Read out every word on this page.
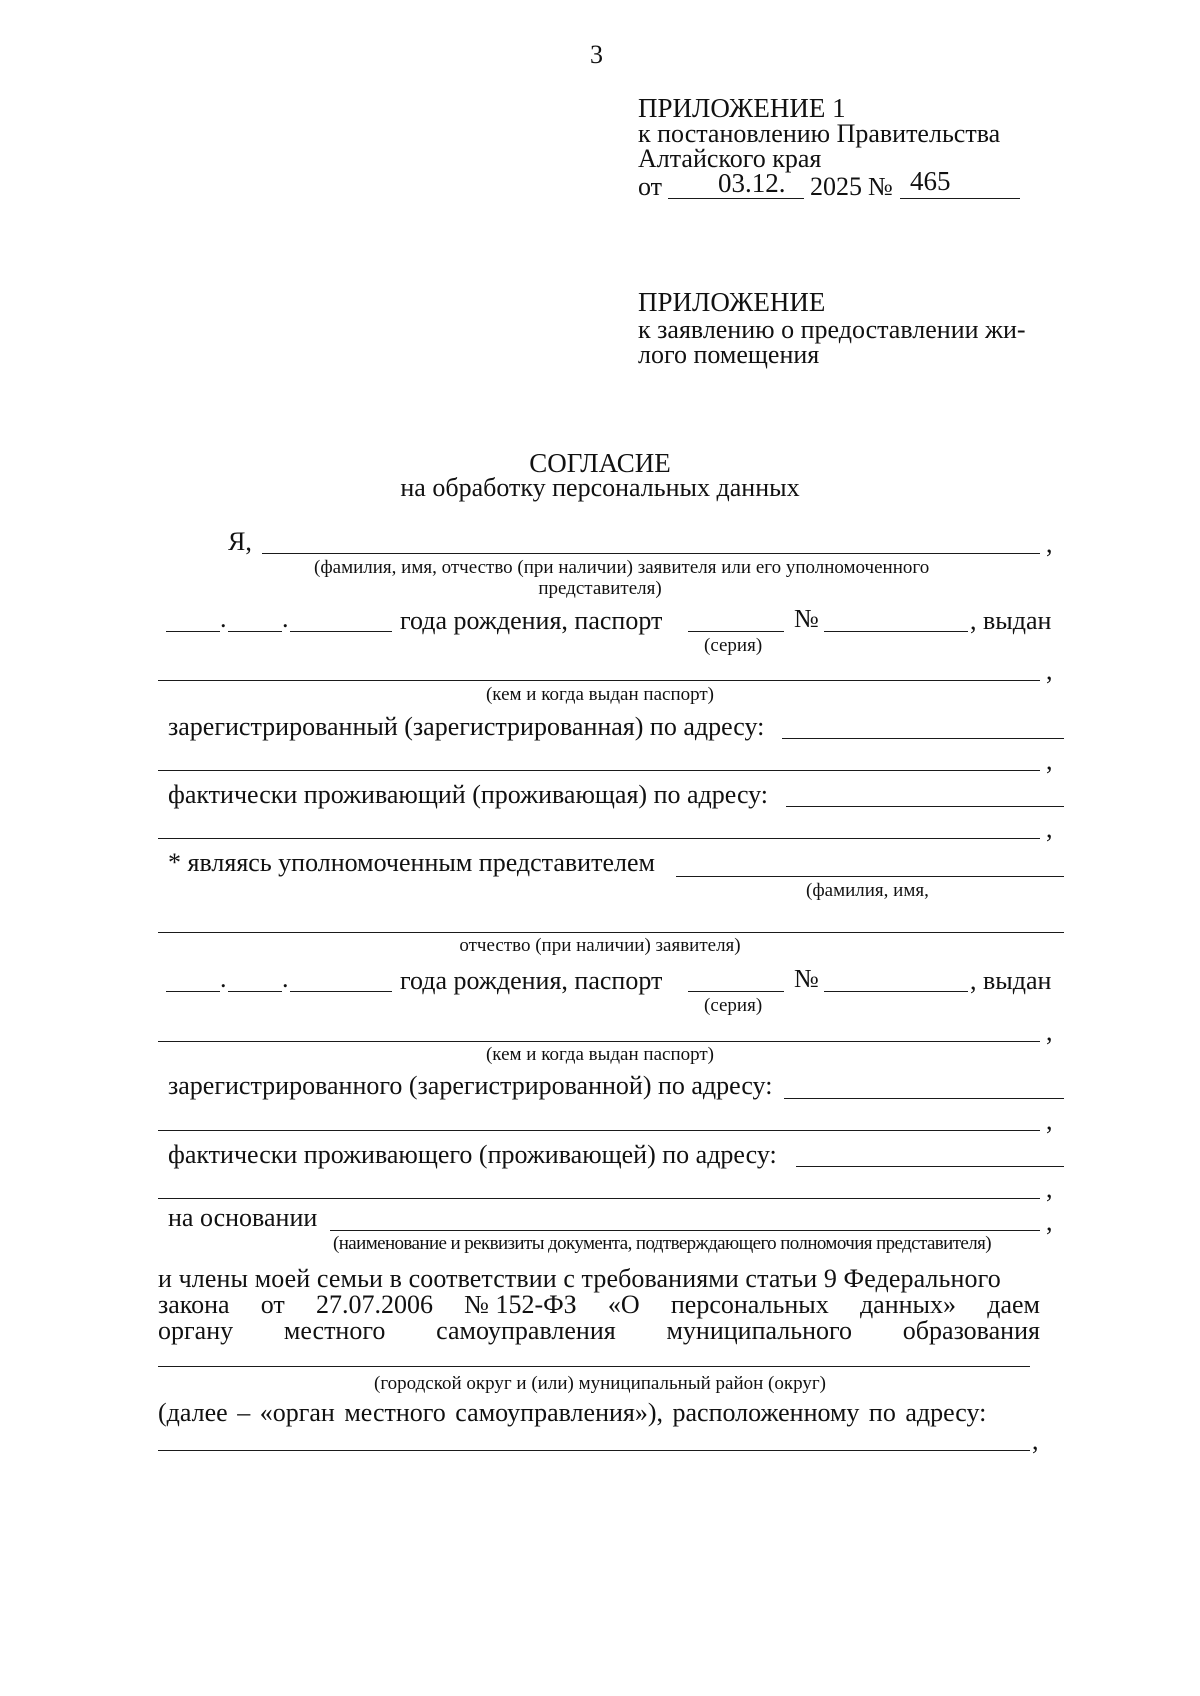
3
ПРИЛОЖЕНИЕ 1
к постановлению Правительства
Алтайского края
от 03.12. 2025 № 465
ПРИЛОЖЕНИЕ
к заявлению о предоставлении жи-
лого помещения
СОГЛАСИЕ
на обработку персональных данных
Я,	,
(фамилия, имя, отчество (при наличии) заявителя или его уполномоченного
представителя)
. .	года рождения, паспорт	№	, выдан
(серия)
,
(кем и когда выдан паспорт)
зарегистрированный (зарегистрированная) по адресу:
,
фактически проживающий (проживающая) по адресу:
,
* являясь уполномоченным представителем
(фамилия, имя,
отчество (при наличии) заявителя)
. .	года рождения, паспорт	№	, выдан
(серия)
,
(кем и когда выдан паспорт)
зарегистрированного (зарегистрированной) по адресу:
,
фактически проживающего (проживающей) по адресу:
,
на основании	,
(наименование и реквизиты документа, подтверждающего полномочия представителя)
и члены моей семьи в соответствии с требованиями статьи 9 Федерального
закона от 27.07.2006 № 152-ФЗ «О персональных данных» даем
органу местного самоуправления муниципального образования
(городской округ и (или) муниципальный район (округ)
(далее – «орган местного самоуправления»), расположенному по адресу:
,
